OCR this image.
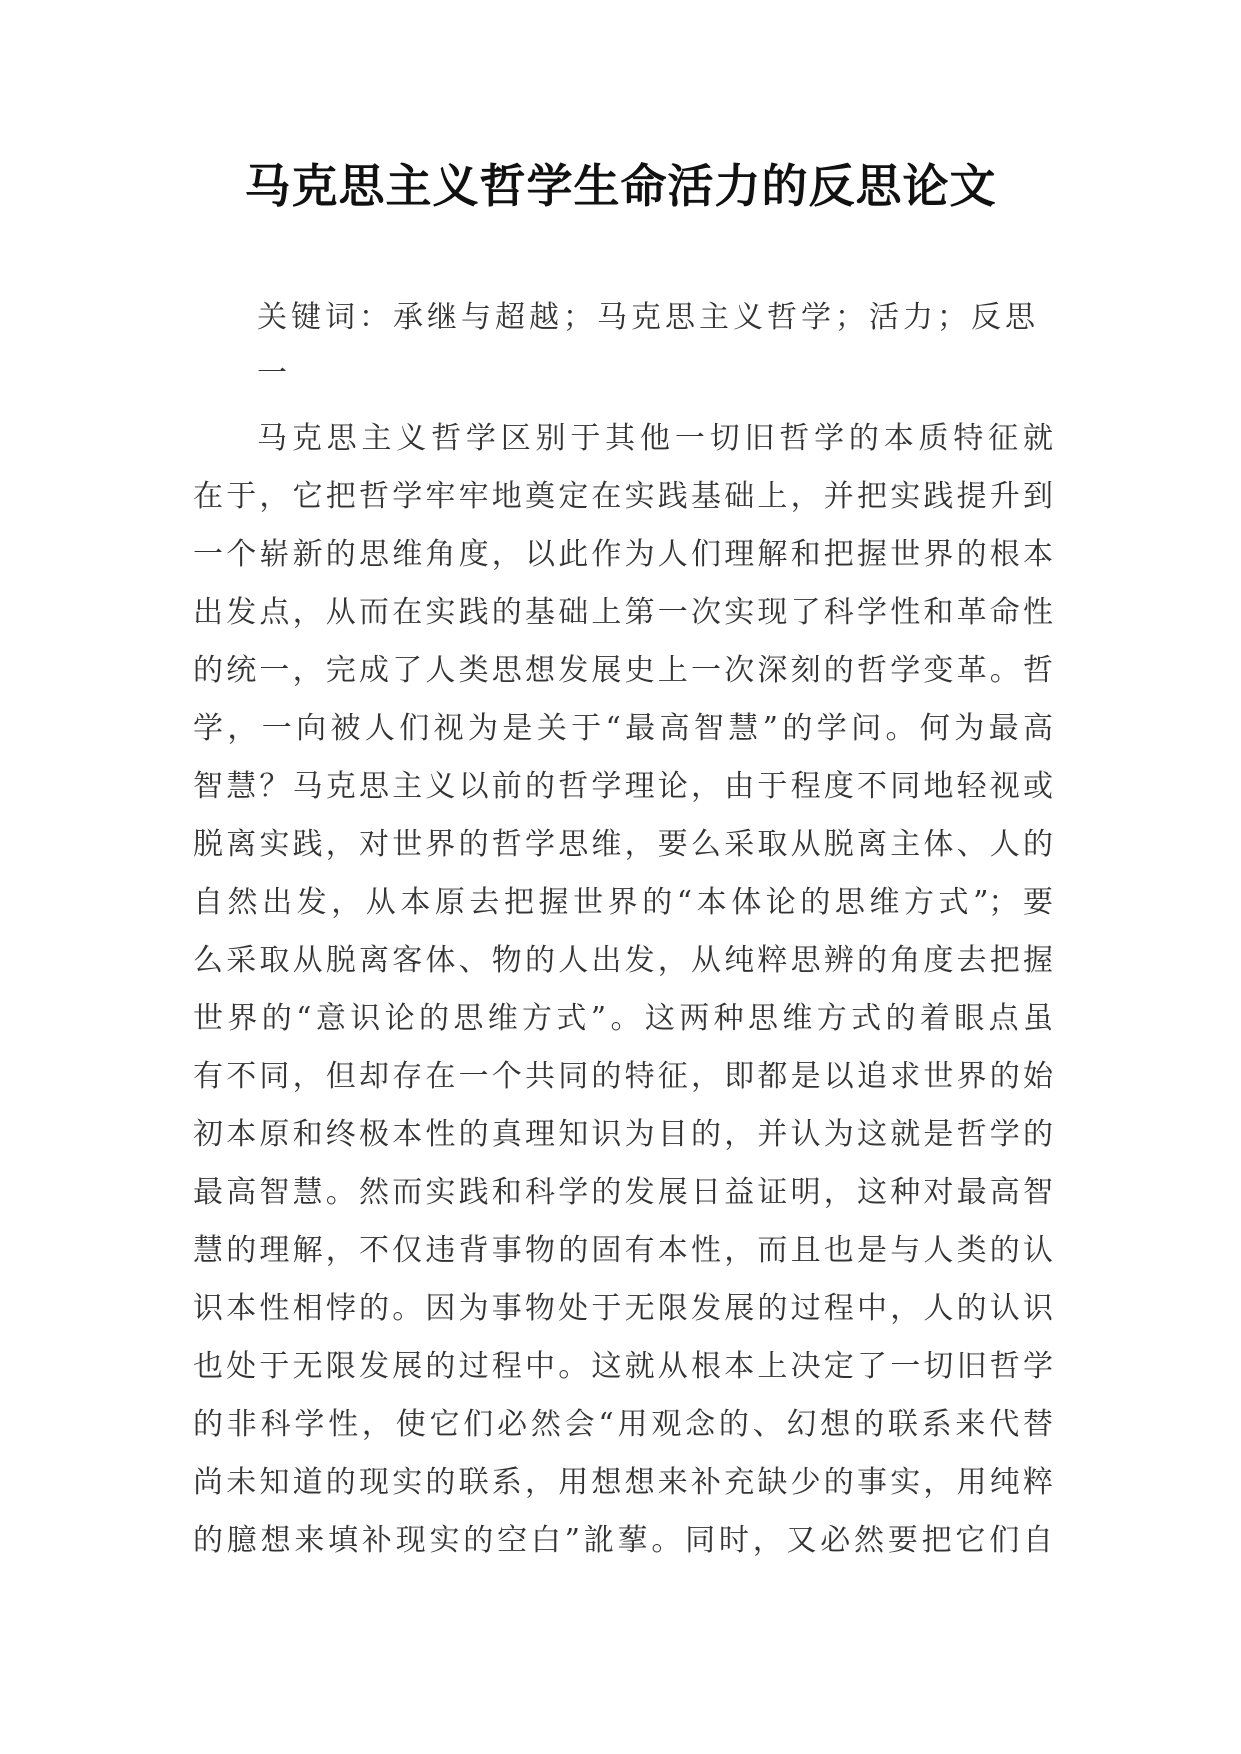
马克思主义哲学生命活力的反思论文

关键词：承继与超越；马克思主义哲学；活力；反思

一

马克思主义哲学区别于其他一切旧哲学的本质特征就
在于，它把哲学牢牢地奠定在实践基础上，并把实践提升到
一个崭新的思维角度，以此作为人们理解和把握世界的根本
出发点，从而在实践的基础上第一次实现了科学性和革命性
的统一，完成了人类思想发展史上一次深刻的哲学变革。哲
学，一向被人们视为是关于“最高智慧”的学问。何为最高
智慧？马克思主义以前的哲学理论，由于程度不同地轻视或
脱离实践，对世界的哲学思维，要么采取从脱离主体、人的
自然出发，从本原去把握世界的“本体论的思维方式”；要
么采取从脱离客体、物的人出发，从纯粹思辨的角度去把握
世界的“意识论的思维方式”。这两种思维方式的着眼点虽
有不同，但却存在一个共同的特征，即都是以追求世界的始
初本原和终极本性的真理知识为目的，并认为这就是哲学的
最高智慧。然而实践和科学的发展日益证明，这种对最高智
慧的理解，不仅违背事物的固有本性，而且也是与人类的认
识本性相悖的。因为事物处于无限发展的过程中，人的认识
也处于无限发展的过程中。这就从根本上决定了一切旧哲学
的非科学性，使它们必然会“用观念的、幻想的联系来代替
尚未知道的现实的联系，用想想来补充缺少的事实，用纯粹
的臆想来填补现实的空白”訛蒘。同时，又必然要把它们自
